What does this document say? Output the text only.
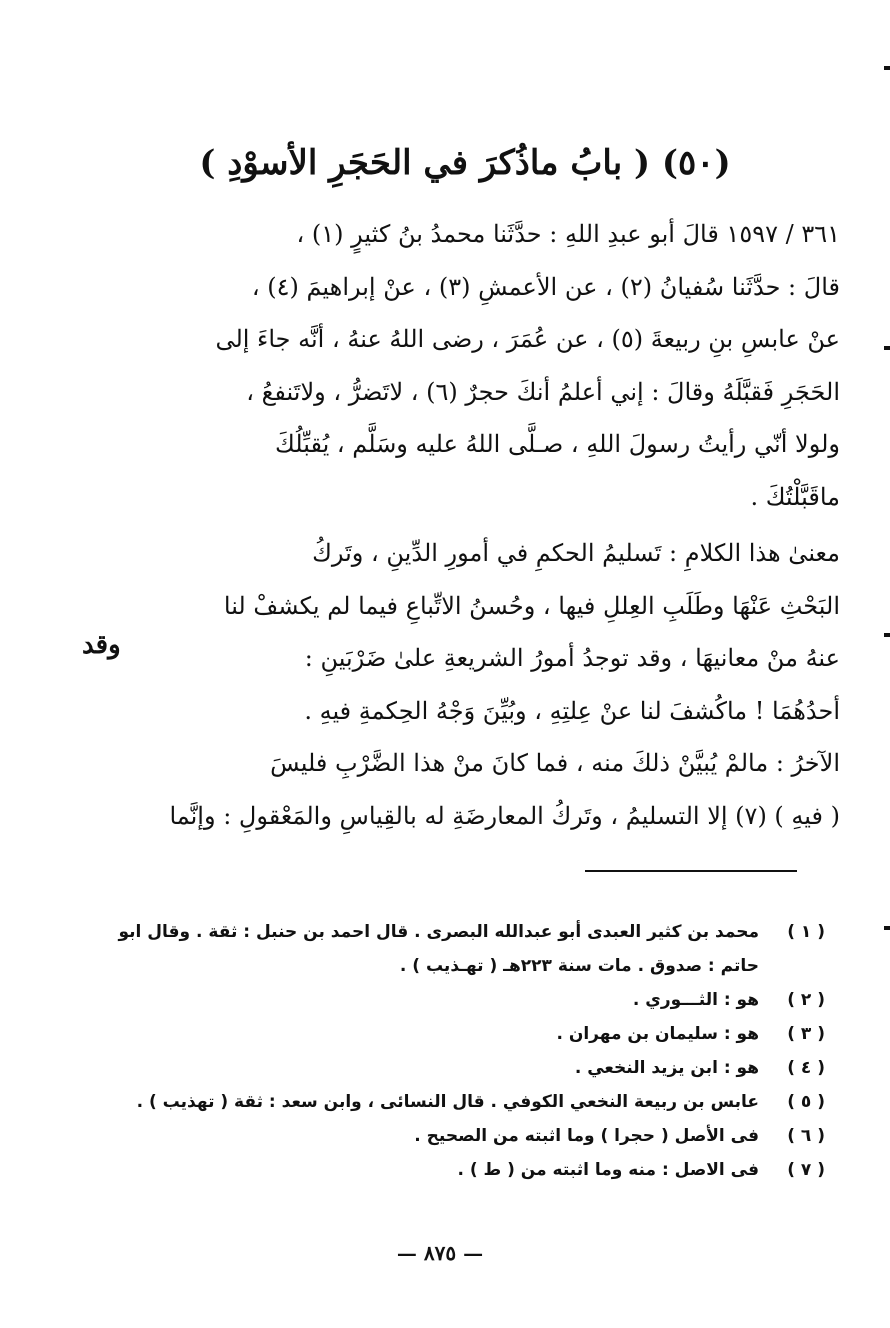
(٥٠) ( بابُ ماذُكرَ في الحَجَرِ الأسوْدِ )
٣٦١ / ١٥٩٧ قالَ أبو عبدِ اللهِ : حدَّثَنا محمدُ بنُ كثيرٍ (١) ،
قالَ : حدَّثَنا سُفيانُ (٢) ، عن الأعمشِ (٣) ، عنْ إبراهيمَ (٤) ،
عنْ عابسِ بنِ ربيعةَ (٥) ، عن عُمَرَ ، رضى اللهُ عنهُ ، أنَّه جاءَ إلى
الحَجَرِ فَقبَّلَهُ وقالَ : إني أعلمُ أنكَ حجرٌ (٦) ، لاتَضرُّ ، ولاتَنفعُ ،
ولولا أنّي رأيتُ رسولَ اللهِ ، صـلَّى اللهُ عليه وسَلَّم ، يُقبِّلُكَ
ماقَبَّلْتُكَ .
معنىٰ هذا الكلامِ : تَسليمُ الحكمِ في أمورِ الدِّينِ ، وتَركُ
البَحْثِ عَنْهَا وطَلَبِ العِللِ فيها ، وحُسنُ الاتِّباعِ فيما لم يكشفْ لنا
عنهُ منْ معانيهَا ، وقد توجدُ أمورُ الشريعةِ علىٰ ضَرْبَينِ :
أحدُهُمَا ! ماكُشفَ لنا عنْ عِلتِهِ ، وبُيِّنَ وَجْهُ الحِكمةِ فيهِ .
الآخرُ : مالمْ يُبيَّنْ ذلكَ منه ، فما كانَ منْ هذا الضَّرْبِ فليسَ
( فيهِ ) (٧) إلا التسليمُ ، وتَركُ المعارضَةِ له بالقِياسِ والمَعْقولِ : وإنَّما
وقد
( ١ )
محمد بن كثير العبدى أبو عبدالله البصرى . قال احمد بن حنبل : ثقة . وقال ابو
حاتم : صدوق . مات سنة ٢٢٣هـ ( تهـذيب ) .
( ٢ )
هو : الثـــوري .
( ٣ )
هو : سليمان بن مهران .
( ٤ )
هو : ابن يزيد النخعي .
( ٥ )
عابس بن ربيعة النخعي الكوفي . قال النسائى ، وابن سعد : ثقة ( تهذيب ) .
( ٦ )
فى الأصل ( حجرا ) وما اثبته من الصحيح .
( ٧ )
فى الاصل : منه وما اثبته من ( ط ) .
— ٨٧٥ —
